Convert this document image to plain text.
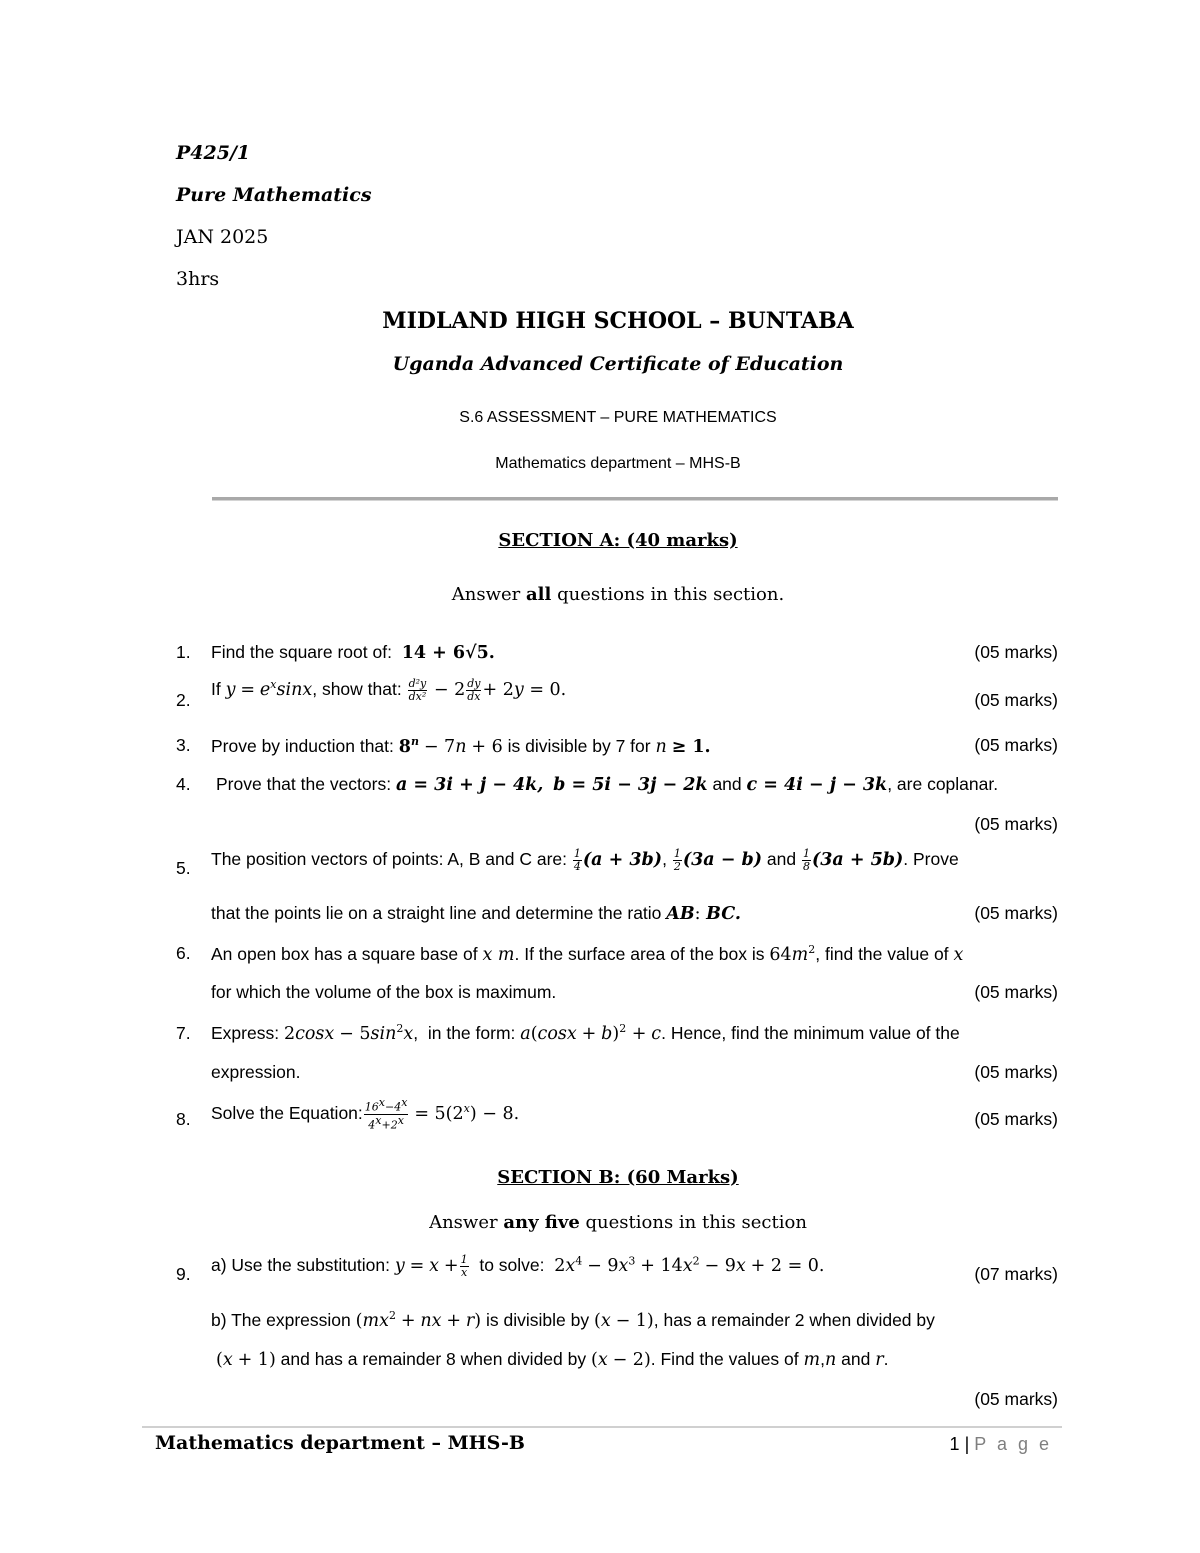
P425/1
Pure Mathematics
JAN 2025
3hrs
MIDLAND HIGH SCHOOL – BUNTABA
Uganda Advanced Certificate of Education
S.6 ASSESSMENT – PURE MATHEMATICS
Mathematics department – MHS-B
SECTION A: (40 marks)
Answer all questions in this section.
1. Find the square root of: 14 + 6√5.	(05 marks)
2.
If $y = e^x\sin x$, show that: $\frac{\text{d²y}}{\text{dx²}} - 2 \frac{dy}{dx} + 2y = 0$.	(05 marks)
3. Prove by induction that: $8^n - 7n + 6$ is divisible by 7 for n ≥ 1.	(05 marks)
4. Prove that the vectors: a = 3i + j − 4k, b = 5i − 3j − 2k and c = 4i − j − 3k, are coplanar.
(05 marks)
5. The position vectors of points: A, B and C are: $\frac{1}{4} (a + 3b)$, $\frac{1}{2} (3a - b)$ and $\frac{1}{8} (3a + 5b)$. Prove
that the points lie on a straight line and determine the ratio AB: BC.	(05 marks)
6. An open box has a square base of x m. If the surface area of the box is $64m^2$, find the value of x
for which the volume of the box is maximum.	(05 marks)
7. Express: $2\cos x - 5\sin^2x$,  in the form: $a(\cos x + b)^2 + c$. Hence, find the minimum value of the
expression.	(05 marks)
8. Solve the Equation: $\frac{16^x-4^x}{4^x+2^x} = 5(2^x) - 8$.	(05 marks)
SECTION B: (60 Marks)
Answer any five questions in this section
9. a) Use the substitution: $y = x + \frac{1}{x}$ to solve: $2x^4 - 9x^3 + 14x^2 - 9x + 2 = 0$.	(07 marks)
b) The expression ($mx^2$ + nx + r) is divisible by (x − 1), has a remainder 2 when divided by
(x + 1) and has a remainder 8 when divided by (x − 2). Find the values of m,n and r.
(05 marks)
Mathematics department – MHS-B	1 | P a g e
